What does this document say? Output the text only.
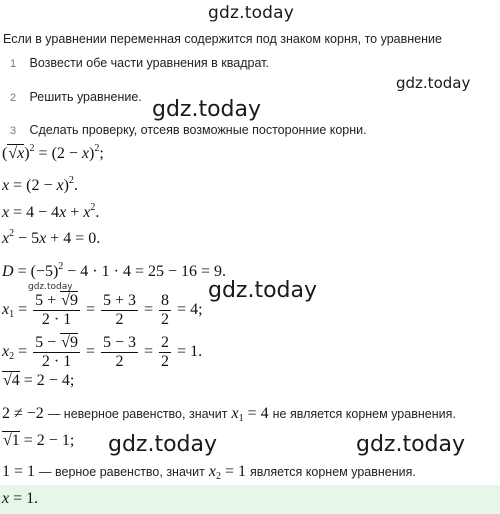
gdz.today
Если в уравнении переменная содержится под знаком корня, то уравнение
1 Возвести обе части уравнения в квадрат.
gdz.today
2 Решить уравнение. gdz.today
3 Сделать проверку, отсеяв возможные посторонние корни.
$(√x)^2 = (2 - x)^2$;
$x = (2 - x)^2$.
$x = 4 - 4x + x^2$.
$x^2 - 5x + 4 = 0$.
$D = (-5)^2 - 4 \cdot 1 \cdot 4 = 25 - 16 = 9$.
gdz.today
gdz.today
$x_1 = \frac{5 + √9}{2 \cdot 1} = \frac{5 + 3}{2} = \frac{8}{2} = 4$;
$x_2 = \frac{5 - √9}{2 \cdot 1} = \frac{5 - 3}{2} = \frac{2}{2} = 1$.
√4 = 2 − 4;
2 ≠ −2 — неверное равенство, значит $x_1 = 4$ не является корнем уравнения.
√1 = 2 − 1; gdz.today	gdz.today
1 = 1 — верное равенство, значит $x_2 = 1$ является корнем уравнения.
x = 1.
